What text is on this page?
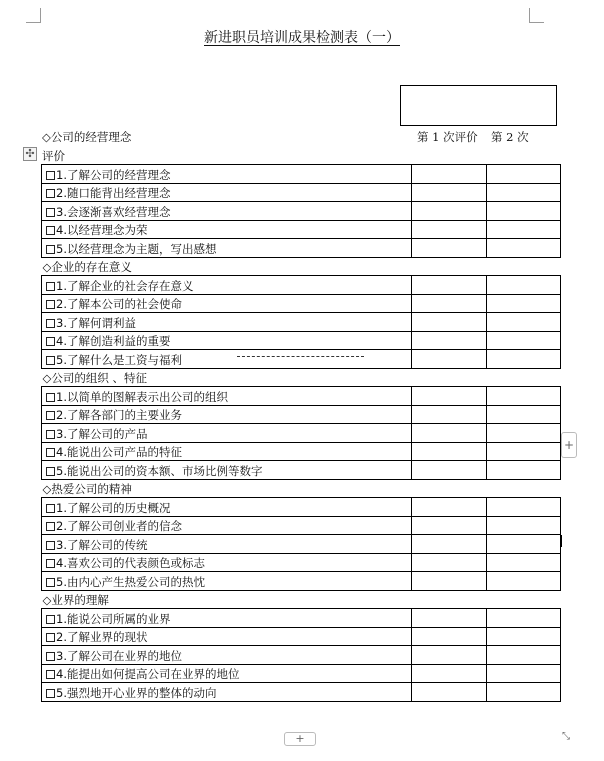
新进职员培训成果检测表（一）
◇公司的经营理念	第 1 次评价 第 2 次
✣ 评价
1.了解公司的经营理念		
2.随口能背出经营理念		
3.会逐渐喜欢经营理念		
4.以经营理念为荣		
5.以经营理念为主题，写出感想		
◇企业的存在意义		
1.了解企业的社会存在意义		
2.了解本公司的社会使命		
3.了解何谓利益		
4.了解创造利益的重要		
5.了解什么是工资与福利		
◇公司的组织 、特征		
1.以简单的图解表示出公司的组织		
2.了解各部门的主要业务		
3.了解公司的产品		
4.能说出公司产品的特征		
5.能说出公司的资本额、市场比例等数字		
◇热爱公司的精神		
1.了解公司的历史概况		
2.了解公司创业者的信念		
3.了解公司的传统		
4.喜欢公司的代表颜色或标志		
5.由内心产生热爱公司的热忱		
◇业界的理解		
1.能说公司所属的业界		
2.了解业界的现状		
3.了解公司在业界的地位		
4.能提出如何提高公司在业界的地位		
5.强烈地开心业界的整体的动向		
+
+	⤡
